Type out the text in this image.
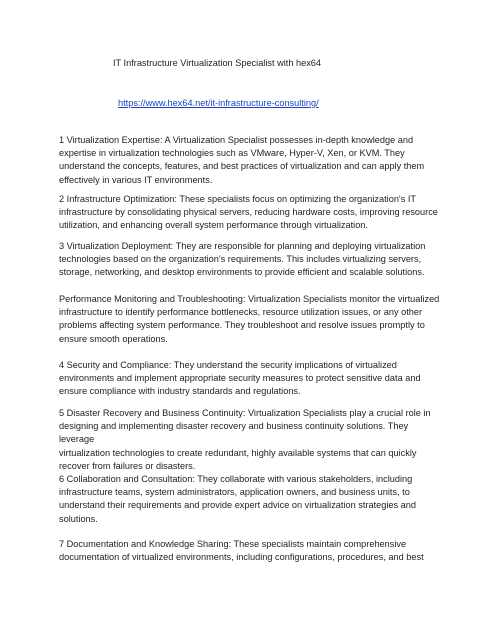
IT Infrastructure Virtualization Specialist with hex64
https://www.hex64.net/it-infrastructure-consulting/

1 Virtualization Expertise: A Virtualization Specialist possesses in-depth knowledge and
expertise in virtualization technologies such as VMware, Hyper-V, Xen, or KVM. They
understand the concepts, features, and best practices of virtualization and can apply them
effectively in various IT environments.

2 Infrastructure Optimization: These specialists focus on optimizing the organization's IT
infrastructure by consolidating physical servers, reducing hardware costs, improving resource
utilization, and enhancing overall system performance through virtualization.

3 Virtualization Deployment: They are responsible for planning and deploying virtualization
technologies based on the organization's requirements. This includes virtualizing servers,
storage, networking, and desktop environments to provide efficient and scalable solutions.

Performance Monitoring and Troubleshooting: Virtualization Specialists monitor the virtualized
infrastructure to identify performance bottlenecks, resource utilization issues, or any other
problems affecting system performance. They troubleshoot and resolve issues promptly to
ensure smooth operations.

4 Security and Compliance: They understand the security implications of virtualized
environments and implement appropriate security measures to protect sensitive data and
ensure compliance with industry standards and regulations.

5 Disaster Recovery and Business Continuity: Virtualization Specialists play a crucial role in
designing and implementing disaster recovery and business continuity solutions. They leverage
virtualization technologies to create redundant, highly available systems that can quickly
recover from failures or disasters.

6 Collaboration and Consultation: They collaborate with various stakeholders, including
infrastructure teams, system administrators, application owners, and business units, to
understand their requirements and provide expert advice on virtualization strategies and
solutions.

7 Documentation and Knowledge Sharing: These specialists maintain comprehensive
documentation of virtualized environments, including configurations, procedures, and best
